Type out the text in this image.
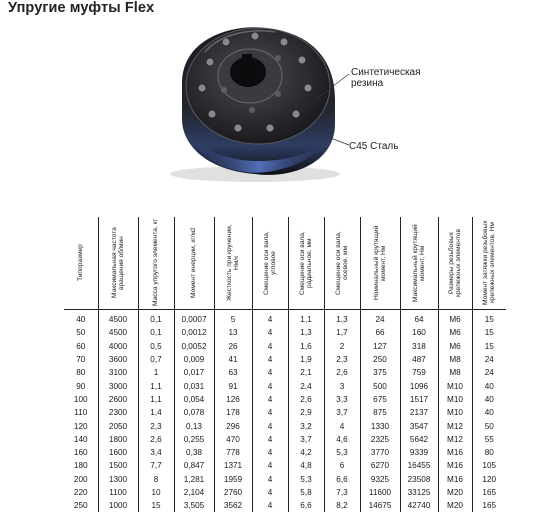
Упругие муфты Flex
Синтетическая резина
С45 Сталь
Типоразмер	Максимальная частота вращения об/мин	Масса упругого элемента, кг	Момент инерции, кг/м2	Жесткость при кручении, Нм/к	Смещение оси вала, угловое	Смещение оси вала, радиальное, мм	Смещение оси вала, осевое, мм	Номинальный крутящий момент, Нм	Максимальный крутящий момент, Нм	Размеры резьбовых крепежных элементов	Момент затяжки резьбовых крепежных элементов, Нм

40	4500	0,1	0,0007	5	4	1,1	1,3	24	64	M6	15
50	4500	0,1	0,0012	13	4	1,3	1,7	66	160	M6	15
60	4000	0,5	0,0052	26	4	1,6	2	127	318	M6	15
70	3600	0,7	0,009	41	4	1,9	2,3	250	487	M8	24
80	3100	1	0,017	63	4	2,1	2,6	375	759	M8	24
90	3000	1,1	0,031	91	4	2,4	3	500	1096	M10	40
100	2600	1,1	0,054	126	4	2,6	3,3	675	1517	M10	40
110	2300	1,4	0,078	178	4	2,9	3,7	875	2137	M10	40
120	2050	2,3	0,13	296	4	3,2	4	1330	3547	M12	50
140	1800	2,6	0,255	470	4	3,7	4,6	2325	5642	M12	55
160	1600	3,4	0,38	778	4	4,2	5,3	3770	9339	M16	80
180	1500	7,7	0,847	1371	4	4,8	6	6270	16455	M16	105
200	1300	8	1,281	1959	4	5,3	6,6	9325	23508	M16	120
220	1100	10	2,104	2760	4	5,8	7,3	11600	33125	M20	165
250	1000	15	3,505	3562	4	6,6	8,2	14675	42740	M20	165
